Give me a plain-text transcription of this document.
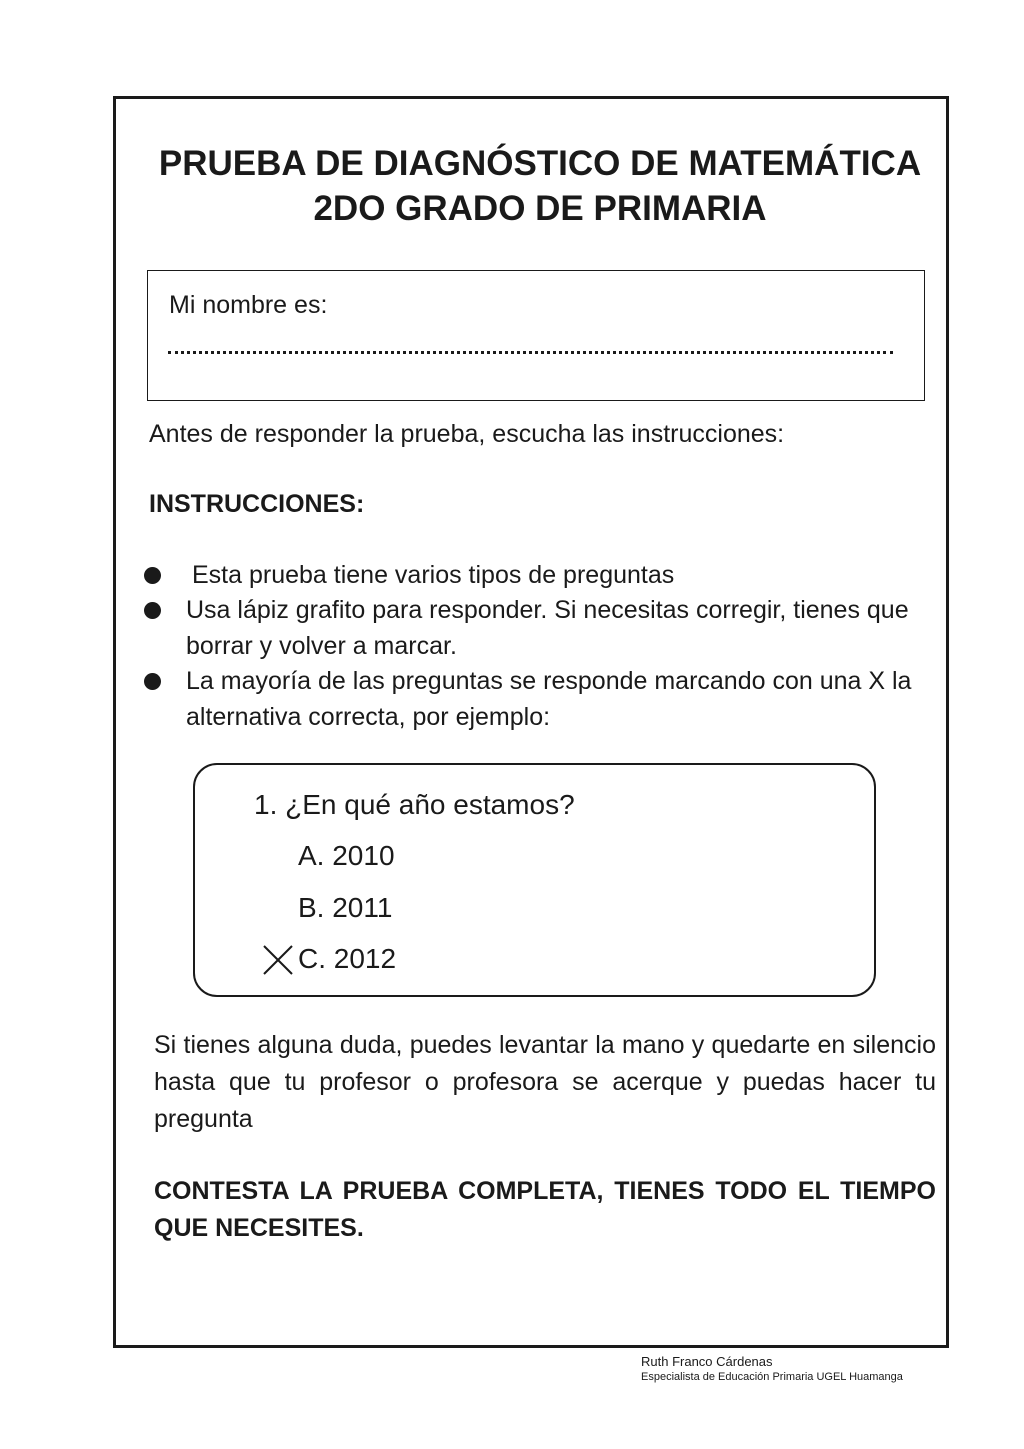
PRUEBA DE DIAGNÓSTICO DE MATEMÁTICA
2DO GRADO DE PRIMARIA
Mi nombre es:

Antes de responder la prueba, escucha las instrucciones:

INSTRUCCIONES:

Esta prueba tiene varios tipos de preguntas

Usa lápiz grafito para responder. Si necesitas corregir, tienes que borrar y volver a marcar.

La mayoría de las preguntas se responde marcando con una X la alternativa correcta, por ejemplo:

1. ¿En qué año estamos?

A. 2010

B. 2011

C. 2012

Si tienes alguna duda, puedes levantar la mano y quedarte en silencio hasta que tu profesor o profesora se acerque y puedas hacer tu pregunta

CONTESTA LA PRUEBA COMPLETA, TIENES TODO EL TIEMPO QUE NECESITES.

Ruth Franco Cárdenas

Especialista de Educación Primaria UGEL Huamanga
